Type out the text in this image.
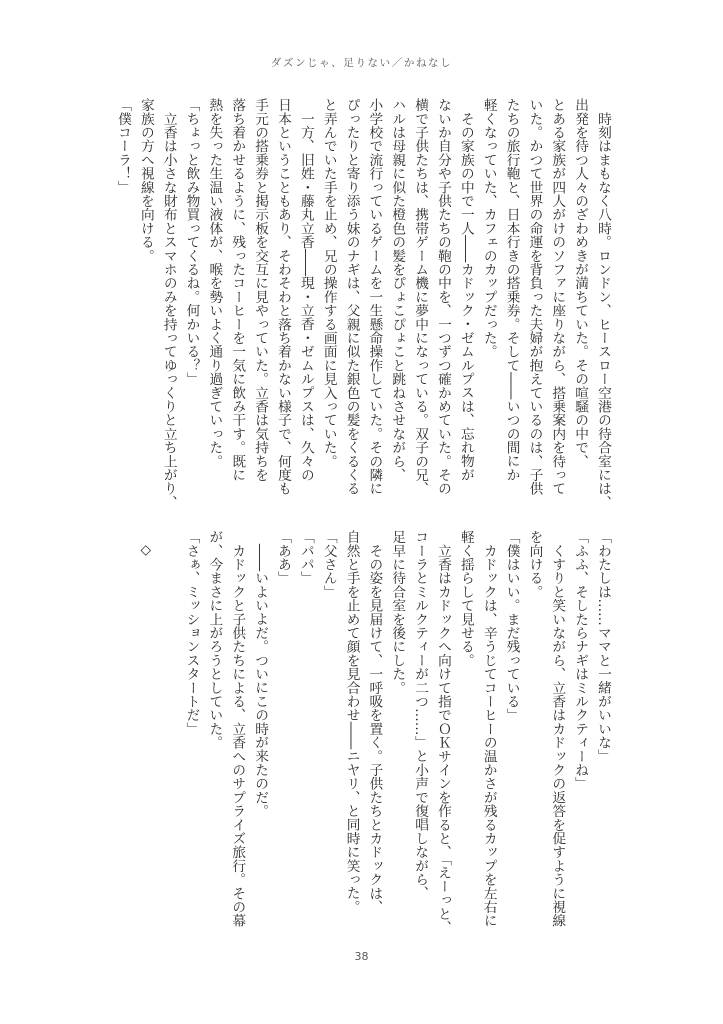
ダズンじゃ、足りない／かねなし
　時刻はまもなく八時。ロンドン、ヒースロー空港の待合室には、
出発を待つ人々のざわめきが満ちていた。その喧騒の中で、
とある家族が四人がけのソファに座りながら、搭乗案内を待って
いた。かつて世界の命運を背負った夫婦が抱えているのは、子供
たちの旅行鞄と、日本行きの搭乗券。そして――いつの間にか
軽くなっていた、カフェのカップだった。
　その家族の中で一人――カドック・ゼムルプスは、忘れ物が
ないか自分や子供たちの鞄の中を、一つずつ確かめていた。その
横で子供たちは、携帯ゲーム機に夢中になっている。双子の兄、
ハルは母親に似た橙色の髪をぴょこぴょこと跳ねさせながら、
小学校で流行っているゲームを一生懸命操作していた。その隣に
ぴったりと寄り添う妹のナギは、父親に似た銀色の髪をくるくる
と弄んでいた手を止め、兄の操作する画面に見入っていた。
　一方、旧姓・藤丸立香――現・立香・ゼムルプスは、久々の
日本ということもあり、そわそわと落ち着かない様子で、何度も
手元の搭乗券と掲示板を交互に見やっていた。立香は気持ちを
落ち着かせるように、残ったコーヒーを一気に飲み干す。既に
熱を失った生温い液体が、喉を勢いよく通り過ぎていった。
「ちょっと飲み物買ってくるね。何かいる？」
　立香は小さな財布とスマホのみを持ってゆっくりと立ち上がり、
家族の方へ視線を向ける。
「僕コーラ！」
「わたしは……ママと一緒がいいな」
「ふふ、そしたらナギはミルクティーね」
　くすりと笑いながら、立香はカドックの返答を促すように視線
を向ける。
「僕はいい。まだ残っている」
　カドックは、辛うじてコーヒーの温かさが残るカップを左右に
軽く揺らして見せる。
　立香はカドックへ向けて指でＯＫサインを作ると、「えーっと、
コーラとミルクティーが二つ……」と小声で復唱しながら、
足早に待合室を後にした。
　その姿を見届けて、一呼吸を置く。子供たちとカドックは、
自然と手を止めて顔を見合わせ――ニヤリ、と同時に笑った。
「父さん」
「パパ」
「ああ」
　――いよいよだ。ついにこの時が来たのだ。
　カドックと子供たちによる、立香へのサプライズ旅行。その幕
が、今まさに上がろうとしていた。
「さぁ、ミッションスタートだ」
◇
38
